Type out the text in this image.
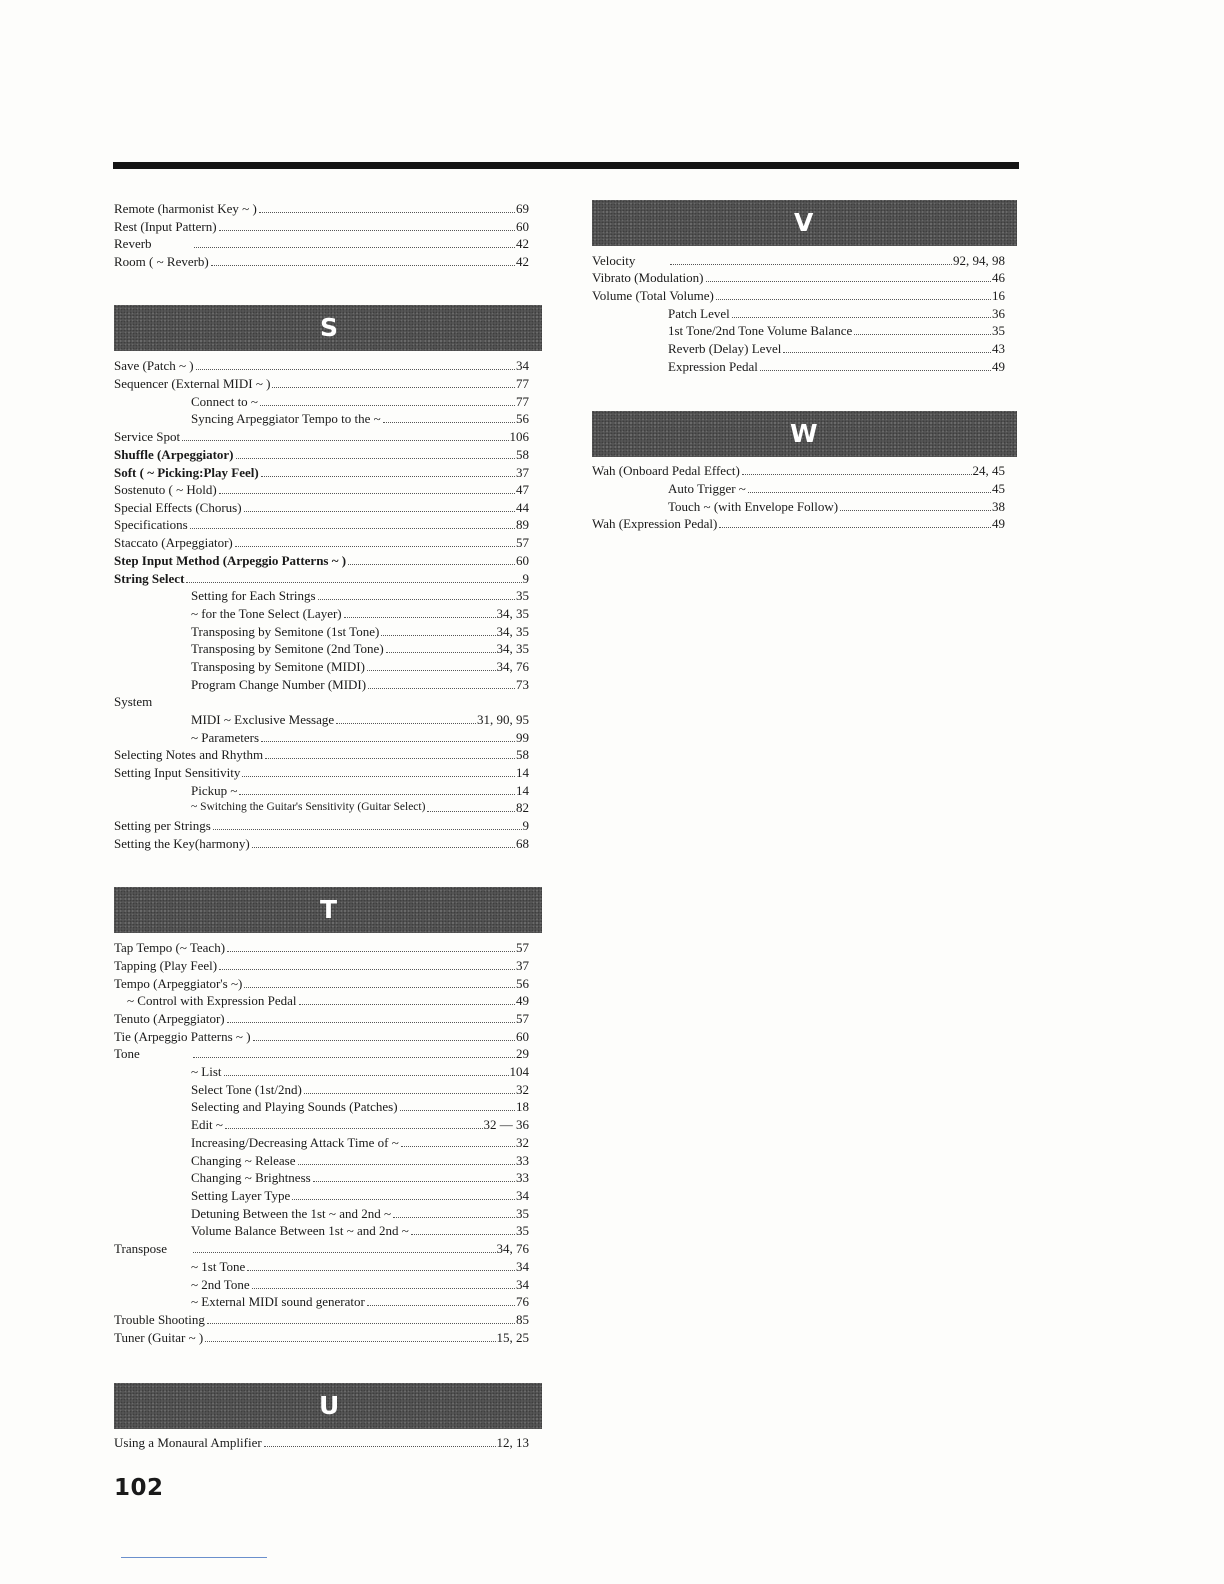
Remote (harmonist Key ~ )	69
Rest (Input Pattern)	60
Reverb	42
Room ( ~ Reverb)	42
S
Save (Patch ~ )	34
Sequencer (External MIDI ~ )	77
Connect to ~	77
Syncing Arpeggiator Tempo to the ~	56
Service Spot	106
Shuffle (Arpeggiator)	58
Soft ( ~ Picking:Play Feel)	37
Sostenuto ( ~ Hold)	47
Special Effects (Chorus)	44
Specifications	89
Staccato (Arpeggiator)	57
Step Input Method (Arpeggio Patterns ~ )	60
String Select	9
Setting for Each Strings	35
~ for the Tone Select (Layer)	34, 35
Transposing by Semitone (1st Tone)	34, 35
Transposing by Semitone (2nd Tone)	34, 35
Transposing by Semitone (MIDI)	34, 76
Program Change Number (MIDI)	73
System
MIDI ~ Exclusive Message	31, 90, 95
~ Parameters	99
Selecting Notes and Rhythm	58
Setting Input Sensitivity	14
Pickup ~	14
~ Switching the Guitar's Sensitivity (Guitar Select)	82
Setting per Strings	9
Setting the Key(harmony)	68
T
Tap Tempo (~ Teach)	57
Tapping (Play Feel)	37
Tempo (Arpeggiator's ~)	56
~ Control with Expression Pedal	49
Tenuto (Arpeggiator)	57
Tie (Arpeggio Patterns ~ )	60
Tone	29
~ List	104
Select Tone (1st/2nd)	32
Selecting and Playing Sounds (Patches)	18
Edit ~	32 — 36
Increasing/Decreasing Attack Time of ~	32
Changing ~ Release	33
Changing ~ Brightness	33
Setting Layer Type	34
Detuning Between the 1st ~ and 2nd ~	35
Volume Balance Between 1st ~ and 2nd ~	35
Transpose	34, 76
~ 1st Tone	34
~ 2nd Tone	34
~ External MIDI sound generator	76
Trouble Shooting	85
Tuner (Guitar ~ )	15, 25
U
Using a Monaural Amplifier	12, 13
V
Velocity	92, 94, 98
Vibrato (Modulation)	46
Volume (Total Volume)	16
Patch Level	36
1st Tone/2nd Tone Volume Balance	35
Reverb (Delay) Level	43
Expression Pedal	49
W
Wah (Onboard Pedal Effect)	24, 45
Auto Trigger ~	45
Touch ~ (with Envelope Follow)	38
Wah (Expression Pedal)	49
102
